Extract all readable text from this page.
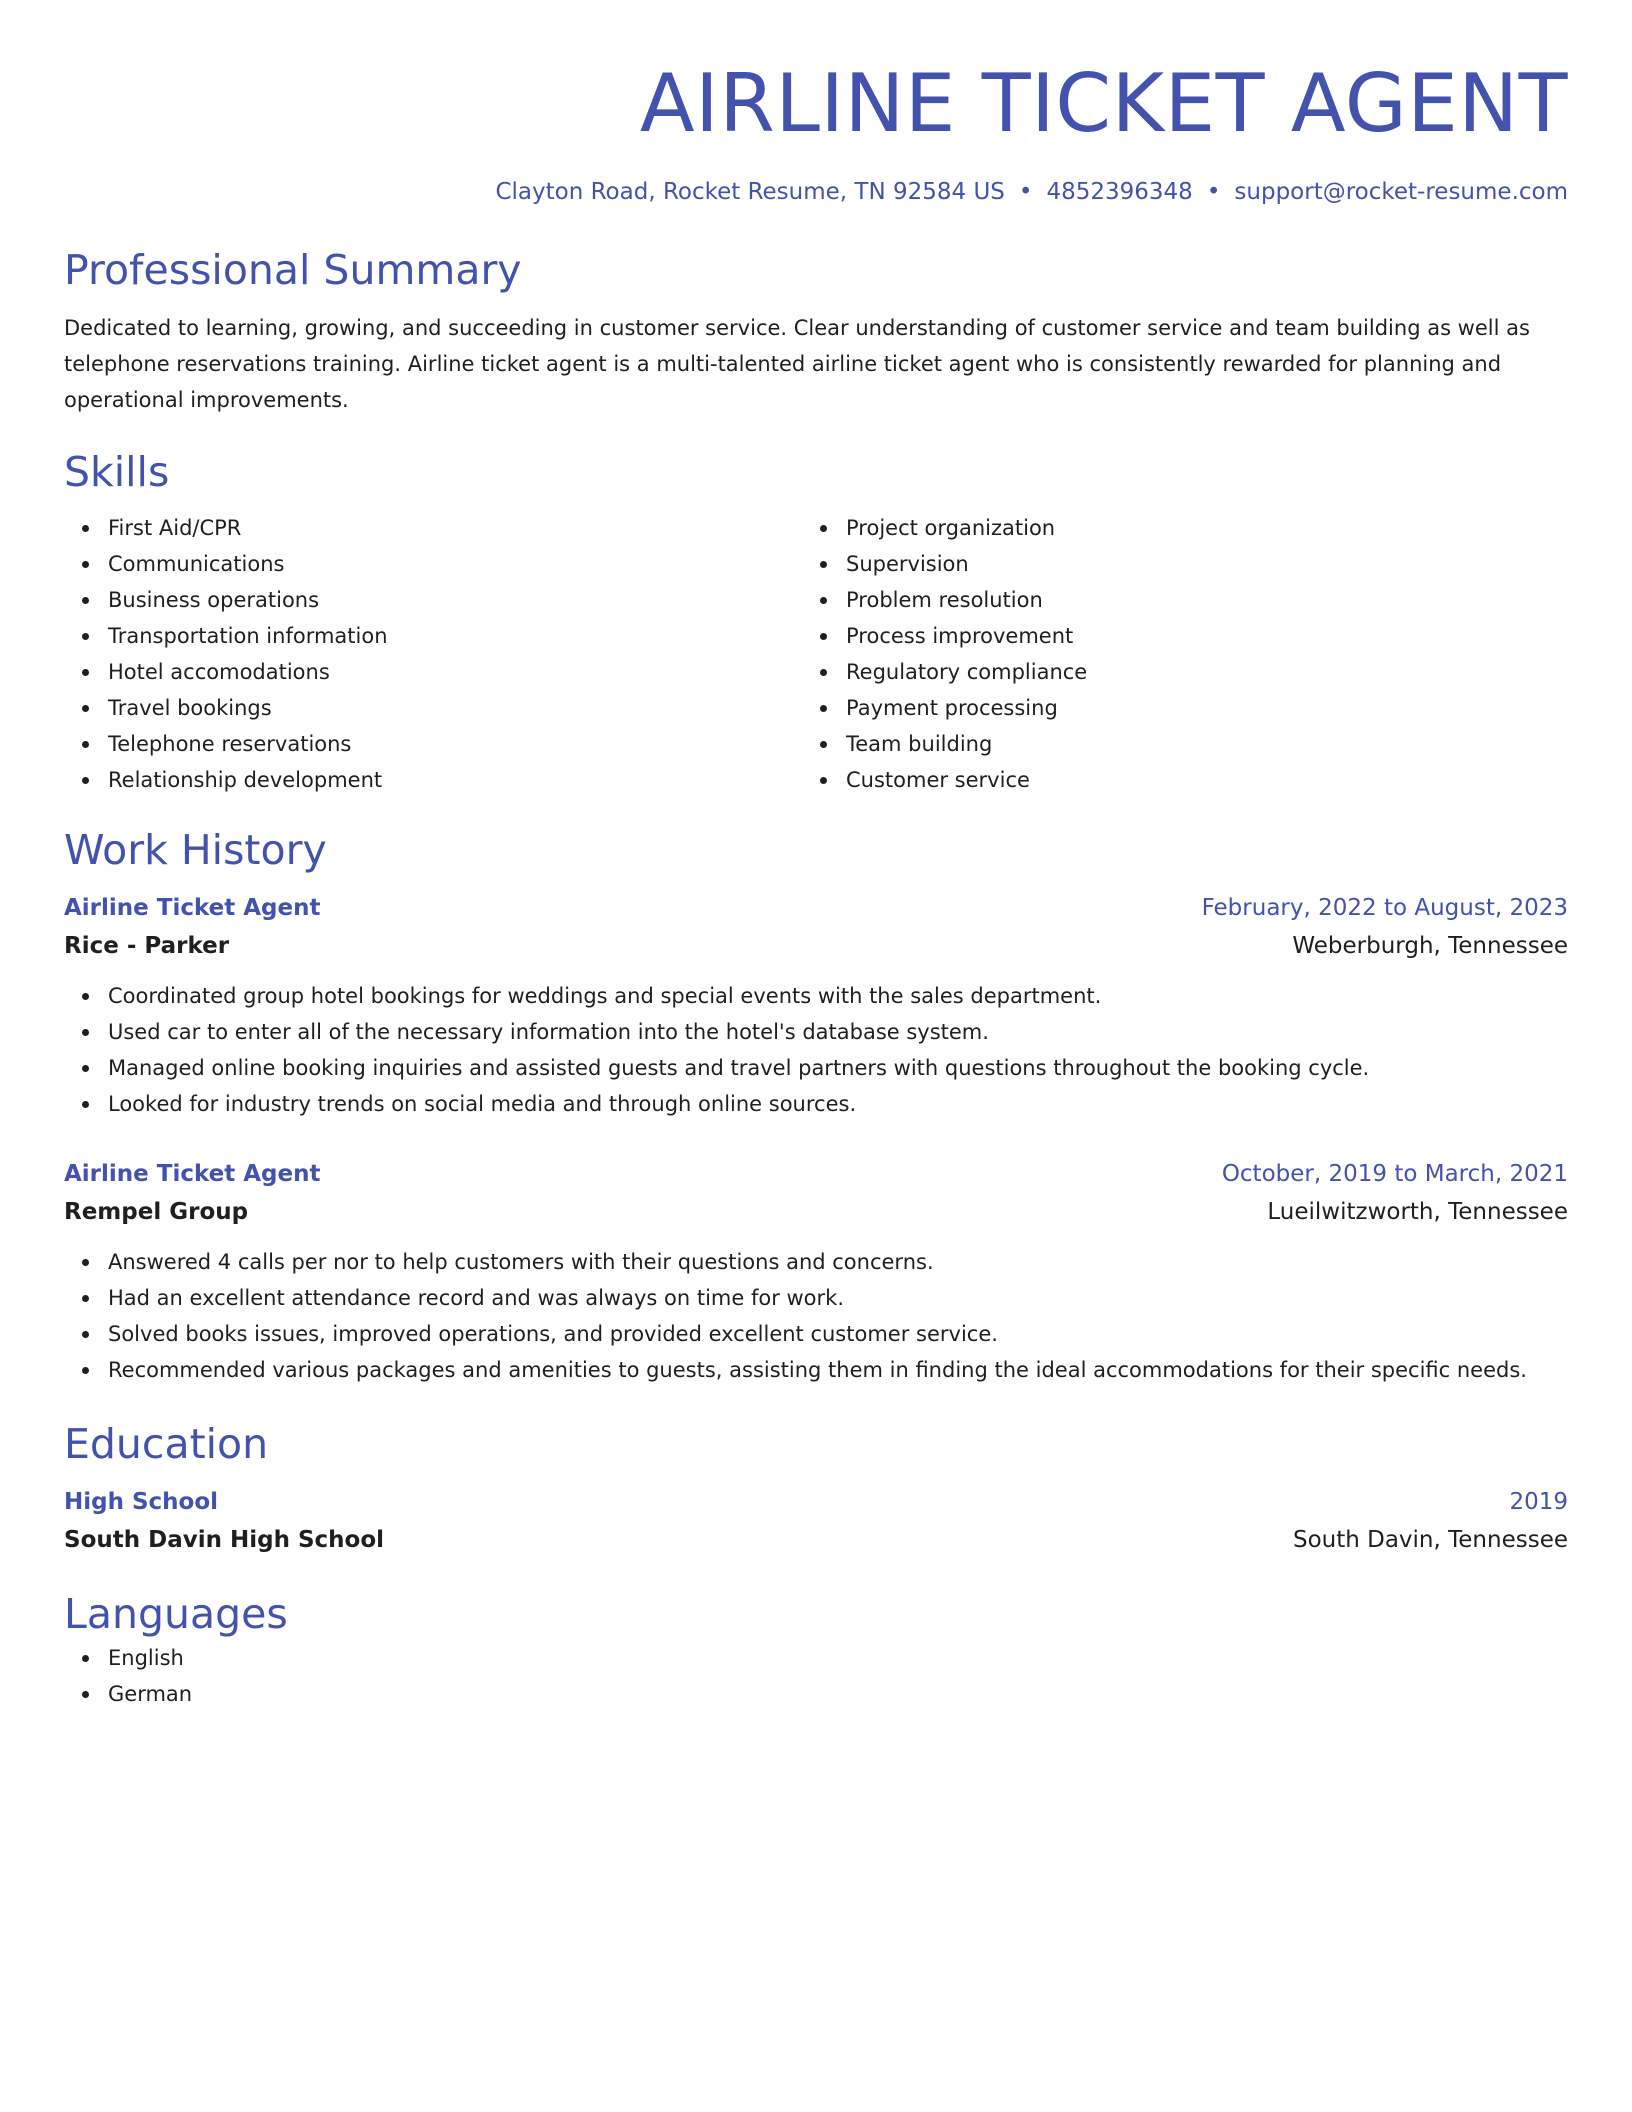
AIRLINE TICKET AGENT
Clayton Road, Rocket Resume, TN 92584 US • 4852396348 • support@rocket-resume.com
Professional Summary
Dedicated to learning, growing, and succeeding in customer service. Clear understanding of customer service and team building as well as telephone reservations training. Airline ticket agent is a multi-talented airline ticket agent who is consistently rewarded for planning and operational improvements.
Skills
First Aid/CPR
Communications
Business operations
Transportation information
Hotel accomodations
Travel bookings
Telephone reservations
Relationship development
Project organization
Supervision
Problem resolution
Process improvement
Regulatory compliance
Payment processing
Team building
Customer service
Work History
Airline Ticket Agent	February, 2022 to August, 2023
Rice - Parker	Weberburgh, Tennessee
Coordinated group hotel bookings for weddings and special events with the sales department.
Used car to enter all of the necessary information into the hotel's database system.
Managed online booking inquiries and assisted guests and travel partners with questions throughout the booking cycle.
Looked for industry trends on social media and through online sources.
Airline Ticket Agent	October, 2019 to March, 2021
Rempel Group	Lueilwitzworth, Tennessee
Answered 4 calls per nor to help customers with their questions and concerns.
Had an excellent attendance record and was always on time for work.
Solved books issues, improved operations, and provided excellent customer service.
Recommended various packages and amenities to guests, assisting them in finding the ideal accommodations for their specific needs.
Education
High School	2019
South Davin High School	South Davin, Tennessee
Languages
English
German
